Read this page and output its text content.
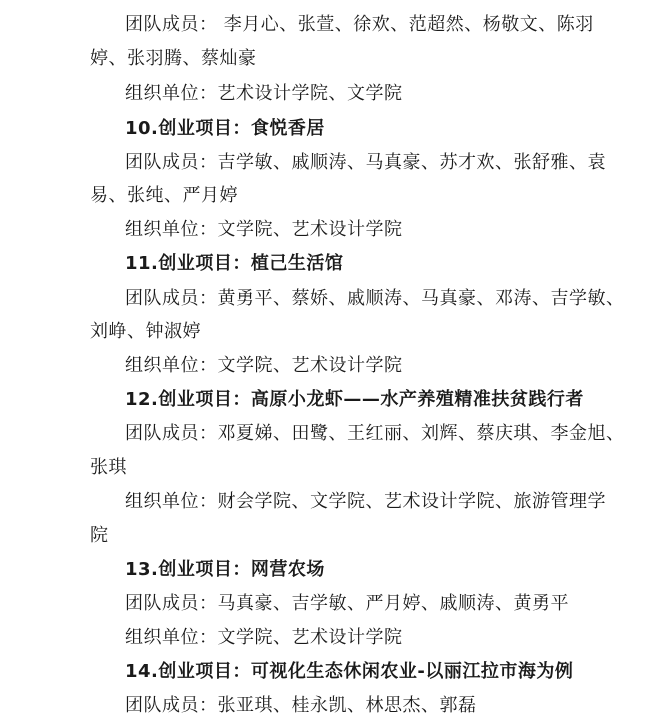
团队成员： 李月心、张萱、徐欢、范超然、杨敬文、陈羽
婷、张羽腾、蔡灿豪
组织单位：艺术设计学院、文学院
10.创业项目：食悦香居
团队成员：吉学敏、戚顺涛、马真豪、苏才欢、张舒雅、袁
易、张纯、严月婷
组织单位：文学院、艺术设计学院
11.创业项目：植己生活馆
团队成员：黄勇平、蔡娇、戚顺涛、马真豪、邓涛、吉学敏、
刘峥、钟淑婷
组织单位：文学院、艺术设计学院
12.创业项目：高原小龙虾——水产养殖精准扶贫践行者
团队成员：邓夏娣、田鹭、王红丽、刘辉、蔡庆琪、李金旭、
张琪
组织单位：财会学院、文学院、艺术设计学院、旅游管理学
院
13.创业项目：网营农场
团队成员：马真豪、吉学敏、严月婷、戚顺涛、黄勇平
组织单位：文学院、艺术设计学院
14.创业项目：可视化生态休闲农业-以丽江拉市海为例
团队成员：张亚琪、桂永凯、林思杰、郭磊
